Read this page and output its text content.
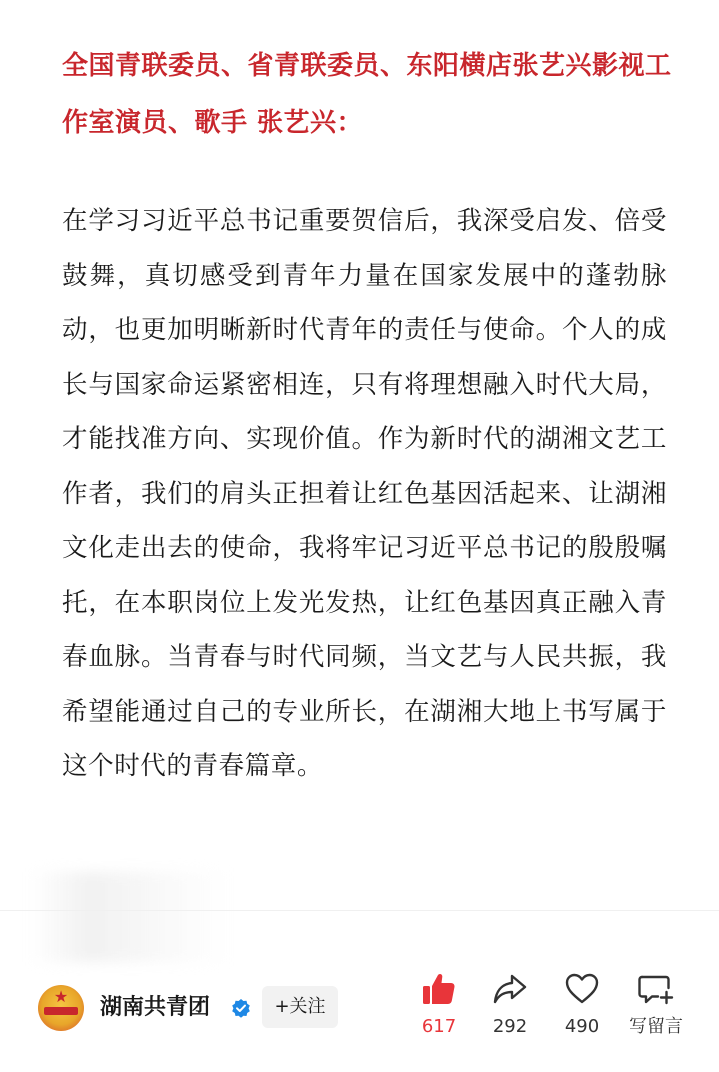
全国青联委员、省青联委员、东阳横店张艺兴影视工作室演员、歌手 张艺兴：

在学习习近平总书记重要贺信后，我深受启发、倍受鼓舞，真切感受到青年力量在国家发展中的蓬勃脉动，也更加明晰新时代青年的责任与使命。个人的成长与国家命运紧密相连，只有将理想融入时代大局，才能找准方向、实现价值。作为新时代的湖湘文艺工作者，我们的肩头正担着让红色基因活起来、让湖湘文化走出去的使命，我将牢记习近平总书记的殷殷嘱托，在本职岗位上发光发热，让红色基因真正融入青春血脉。当青春与时代同频，当文艺与人民共振，我希望能通过自己的专业所长，在湖湘大地上书写属于这个时代的青春篇章。

★	湖南共青团	+关注
617	292	490	写留言
